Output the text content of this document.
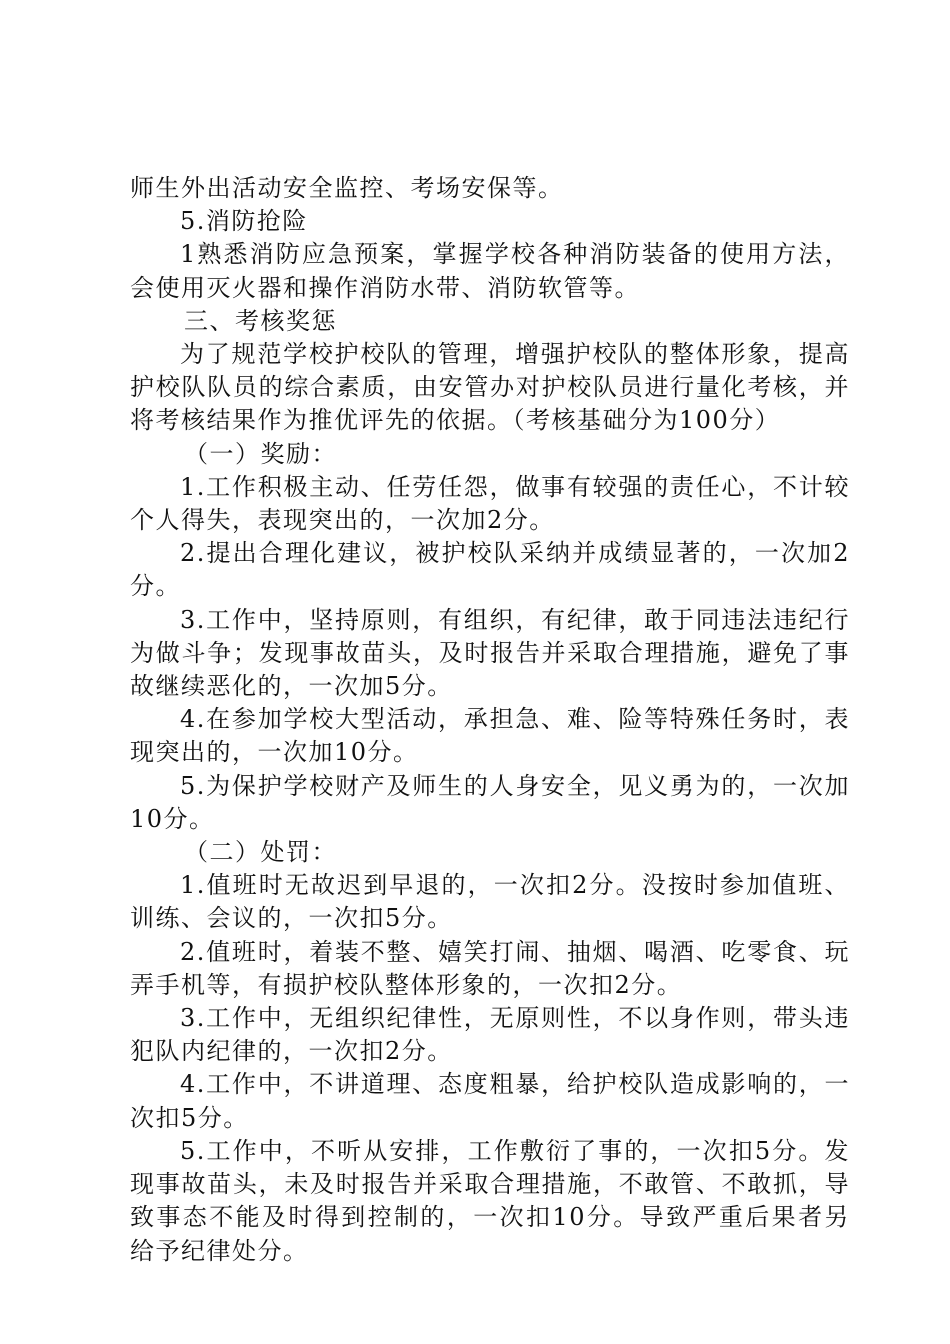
师生外出活动安全监控、考场安保等。

5.消防抢险

1熟悉消防应急预案，掌握学校各种消防装备的使用方法，会使用灭火器和操作消防水带、消防软管等。

三、考核奖惩

为了规范学校护校队的管理，增强护校队的整体形象，提高护校队队员的综合素质，由安管办对护校队员进行量化考核，并将考核结果作为推优评先的依据。（考核基础分为100分）

（一）奖励：

1.工作积极主动、任劳任怨，做事有较强的责任心，不计较个人得失，表现突出的，一次加2分。

2.提出合理化建议，被护校队采纳并成绩显著的，一次加2分。

3.工作中，坚持原则，有组织，有纪律，敢于同违法违纪行为做斗争；发现事故苗头，及时报告并采取合理措施，避免了事故继续恶化的，一次加5分。

4.在参加学校大型活动，承担急、难、险等特殊任务时，表现突出的，一次加10分。

5.为保护学校财产及师生的人身安全，见义勇为的，一次加10分。

（二）处罚：

1.值班时无故迟到早退的，一次扣2分。没按时参加值班、训练、会议的，一次扣5分。

2.值班时，着装不整、嬉笑打闹、抽烟、喝酒、吃零食、玩弄手机等，有损护校队整体形象的，一次扣2分。

3.工作中，无组织纪律性，无原则性，不以身作则，带头违犯队内纪律的，一次扣2分。

4.工作中，不讲道理、态度粗暴，给护校队造成影响的，一次扣5分。

5.工作中，不听从安排，工作敷衍了事的，一次扣5分。发现事故苗头，未及时报告并采取合理措施，不敢管、不敢抓，导致事态不能及时得到控制的，一次扣10分。导致严重后果者另给予纪律处分。
